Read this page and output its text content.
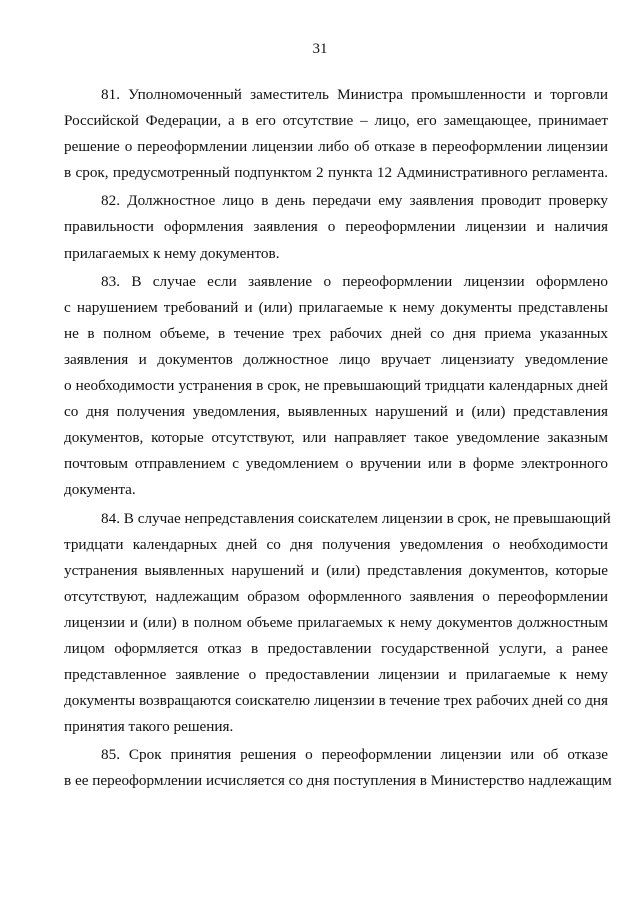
31

81. Уполномоченный заместитель Министра промышленности и торговли
Российской Федерации, а в его отсутствие – лицо, его замещающее, принимает
решение о переоформлении лицензии либо об отказе в переоформлении лицензии
в срок, предусмотренный подпунктом 2 пункта 12 Административного регламента.

82. Должностное лицо в день передачи ему заявления проводит проверку
правильности оформления заявления о переоформлении лицензии и наличия
прилагаемых к нему документов.

83. В случае если заявление о переоформлении лицензии оформлено
с нарушением требований и (или) прилагаемые к нему документы представлены
не в полном объеме, в течение трех рабочих дней со дня приема указанных
заявления и документов должностное лицо вручает лицензиату уведомление
о необходимости устранения в срок, не превышающий тридцати календарных дней
со дня получения уведомления, выявленных нарушений и (или) представления
документов, которые отсутствуют, или направляет такое уведомление заказным
почтовым отправлением с уведомлением о вручении или в форме электронного
документа.

84. В случае непредставления соискателем лицензии в срок, не превышающий
тридцати календарных дней со дня получения уведомления о необходимости
устранения выявленных нарушений и (или) представления документов, которые
отсутствуют, надлежащим образом оформленного заявления о переоформлении
лицензии и (или) в полном объеме прилагаемых к нему документов должностным
лицом оформляется отказ в предоставлении государственной услуги, а ранее
представленное заявление о предоставлении лицензии и прилагаемые к нему
документы возвращаются соискателю лицензии в течение трех рабочих дней со дня
принятия такого решения.

85. Срок принятия решения о переоформлении лицензии или об отказе
в ее переоформлении исчисляется со дня поступления в Министерство надлежащим
